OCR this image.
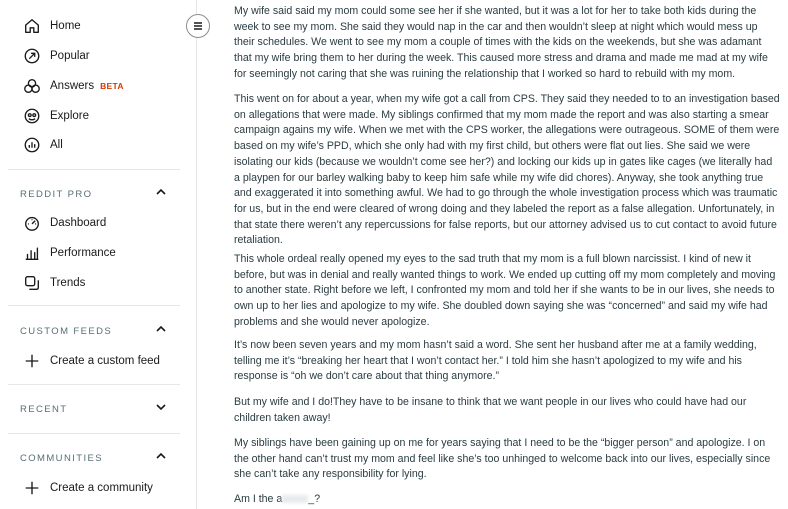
Home
Popular
Answers BETA
Explore
All
REDDIT PRO
Dashboard
Performance
Trends
CUSTOM FEEDS
Create a custom feed
RECENT
COMMUNITIES
Create a community

My wife said said my mom could some see her if she wanted, but it was a lot for her to take both kids during the week to see my mom. She said they would nap in the car and then wouldn’t sleep at night which would mess up their schedules. We went to see my mom a couple of times with the kids on the weekends, but she was adamant that my wife bring them to her during the week. This caused more stress and drama and made me mad at my wife for seemingly not caring that she was ruining the relationship that I worked so hard to rebuild with my mom.

This went on for about a year, when my wife got a call from CPS. They said they needed to to an investigation based on allegations that were made. My siblings confirmed that my mom made the report and was also starting a smear campaign agains my wife. When we met with the CPS worker, the allegations were outrageous. SOME of them were based on my wife’s PPD, which she only had with my first child, but others were flat out lies. She said we were isolating our kids (because we wouldn’t come see her?) and locking our kids up in gates like cages (we literally had a playpen for our barley walking baby to keep him safe while my wife did chores). Anyway, she took anything true and exaggerated it into something awful. We had to go through the whole investigation process which was traumatic for us, but in the end were cleared of wrong doing and they labeled the report as a false allegation. Unfortunately, in that state there weren’t any repercussions for false reports, but our attorney advised us to cut contact to avoid future retaliation.

This whole ordeal really opened my eyes to the sad truth that my mom is a full blown narcissist. I kind of new it before, but was in denial and really wanted things to work. We ended up cutting off my mom completely and moving to another state. Right before we left, I confronted my mom and told her if she wants to be in our lives, she needs to own up to her lies and apologize to my wife. She doubled down saying she was “concerned” and said my wife had problems and she would never apologize.

It’s now been seven years and my mom hasn’t said a word. She sent her husband after me at a family wedding, telling me it’s “breaking her heart that I won’t contact her.” I told him she hasn’t apologized to my wife and his response is “oh we don’t care about that thing anymore.”

But my wife and I do!They have to be insane to think that we want people in our lives who could have had our children taken away!

My siblings have been gaining up on me for years saying that I need to be the “bigger person” and apologize. I on the other hand can’t trust my mom and feel like she’s too unhinged to welcome back into our lives, especially since she can’t take any responsibility for lying.

Am I the a _?
